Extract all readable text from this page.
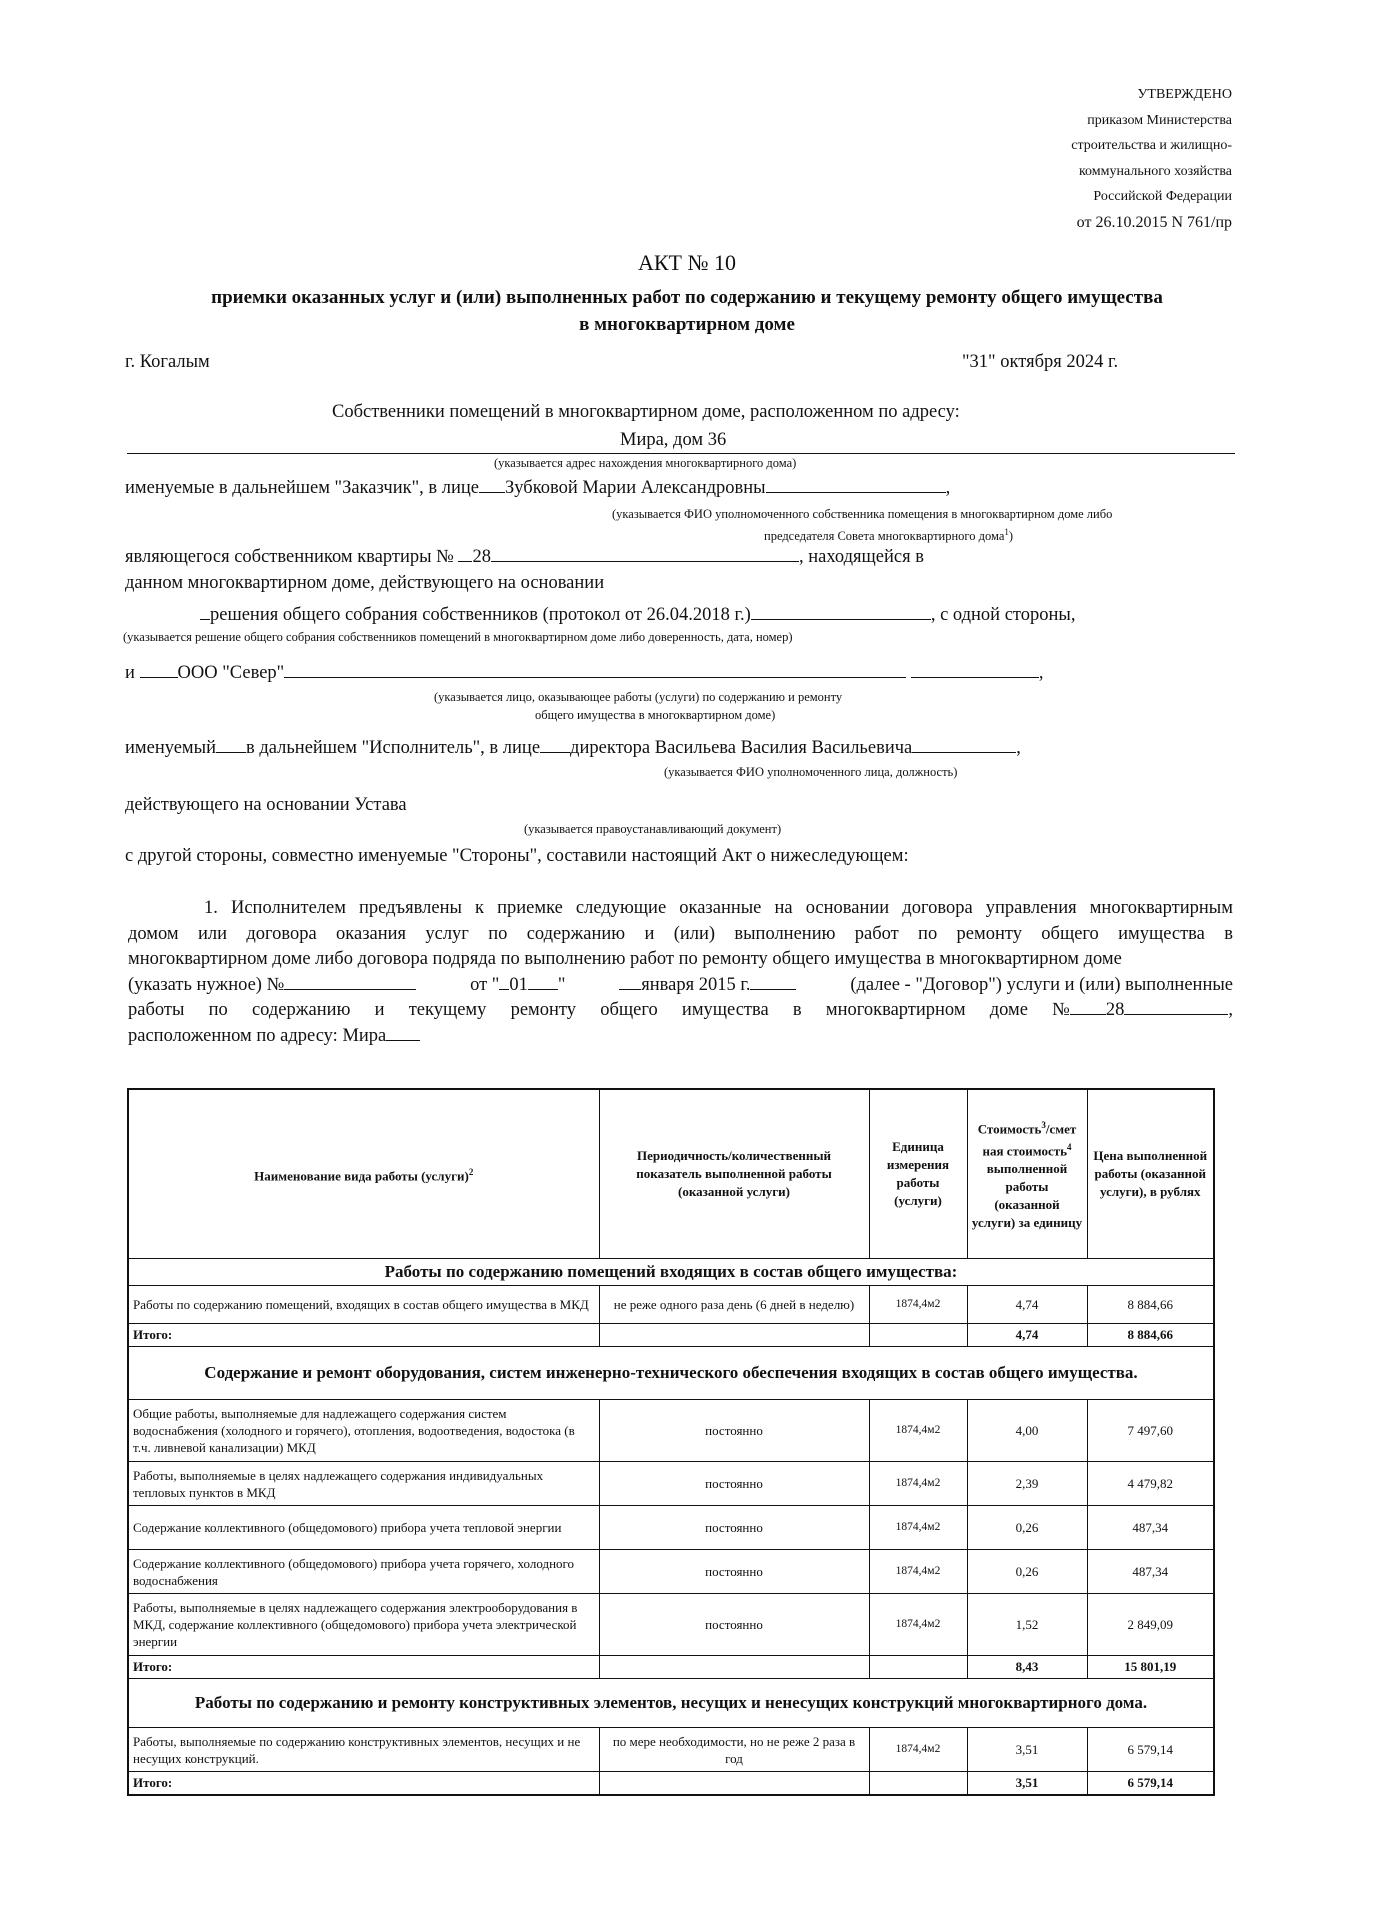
УТВЕРЖДЕНО
приказом Министерства
строительства и жилищно-
коммунального хозяйства
Российской Федерации
от 26.10.2015 N 761/пр
АКТ № 10
приемки оказанных услуг и (или) выполненных работ по содержанию и текущему ремонту общего имущества
в многоквартирном доме
г. Когалым	"31" октября 2024 г.
Собственники помещений в многоквартирном доме, расположенном по адресу:
Мира, дом 36
(указывается адрес нахождения многоквартирного дома)
именуемые в дальнейшем "Заказчик", в лице Зубковой Марии Александровны	,
(указывается ФИО уполномоченного собственника помещения в многоквартирном доме либо
председателя Совета многоквартирного дома$^1$)
являющегося собственником квартиры № 28	, находящейся в
данном многоквартирном доме, действующего на основании
решения общего собрания собственников (протокол от 26.04.2018 г.)	, с одной стороны,
(указывается решение общего собрания собственников помещений в многоквартирном доме либо доверенность, дата, номер)
и ООО "Север"	,
(указывается лицо, оказывающее работы (услуги) по содержанию и ремонту
общего имущества в многоквартирном доме)
именуемый в дальнейшем "Исполнитель", в лице директора Васильева Василия Васильевича	,
(указывается ФИО уполномоченного лица, должность)
действующего на основании Устава
(указывается правоустанавливающий документ)
с другой стороны, совместно именуемые "Стороны", составили настоящий Акт о нижеследующем:
1. Исполнителем предъявлены к приемке следующие оказанные на основании договора управления многоквартирным
домом или договора оказания услуг по содержанию и (или) выполнению работ по ремонту общего имущества в
многоквартирном доме либо договора подряда по выполнению работ по ремонту общего имущества в многоквартирном доме
(указать нужное) №	от " 01 "	января 2015 г.	(далее - "Договор") услуги и (или) выполненные
работы по содержанию и текущему ремонту общего имущества в многоквартирном доме № 28	,
расположенном по адресу: Мира
Наименование вида работы (услуги)$^2$	Периодичность/количественный показатель выполненной работы (оказанной услуги)	Единица измерения работы (услуги)	Стоимость$^3$/смет ная стоимость$^4$ выполненной работы (оказанной услуги) за единицу	Цена выполненной работы (оказанной услуги), в рублях
Работы по содержанию помещений входящих в состав общего имущества:				
Работы по содержанию помещений, входящих в состав общего имущества в МКД	не реже одного раза день (6 дней в неделю)	1874,4м2	4,74	8 884,66
Итого:			4,74	8 884,66
Содержание и ремонт оборудования, систем инженерно-технического обеспечения входящих в состав общего имущества.				
Общие работы, выполняемые для надлежащего содержания систем водоснабжения (холодного и горячего), отопления, водоотведения, водостока (в т.ч. ливневой канализации) МКД	постоянно	1874,4м2	4,00	7 497,60
Работы, выполняемые в целях надлежащего содержания индивидуальных тепловых пунктов в МКД	постоянно	1874,4м2	2,39	4 479,82
Содержание коллективного (общедомового) прибора учета тепловой энергии	постоянно	1874,4м2	0,26	487,34
Содержание коллективного (общедомового) прибора учета горячего, холодного водоснабжения	постоянно	1874,4м2	0,26	487,34
Работы, выполняемые в целях надлежащего содержания электрооборудования в МКД, содержание коллективного (общедомового) прибора учета электрической энергии	постоянно	1874,4м2	1,52	2 849,09
Итого:			8,43	15 801,19
Работы по содержанию и ремонту конструктивных элементов, несущих и ненесущих конструкций многоквартирного дома.				
Работы, выполняемые по содержанию конструктивных элементов, несущих и не несущих конструкций.	по мере необходимости, но не реже 2 раза в год	1874,4м2	3,51	6 579,14
Итого:			3,51	6 579,14
